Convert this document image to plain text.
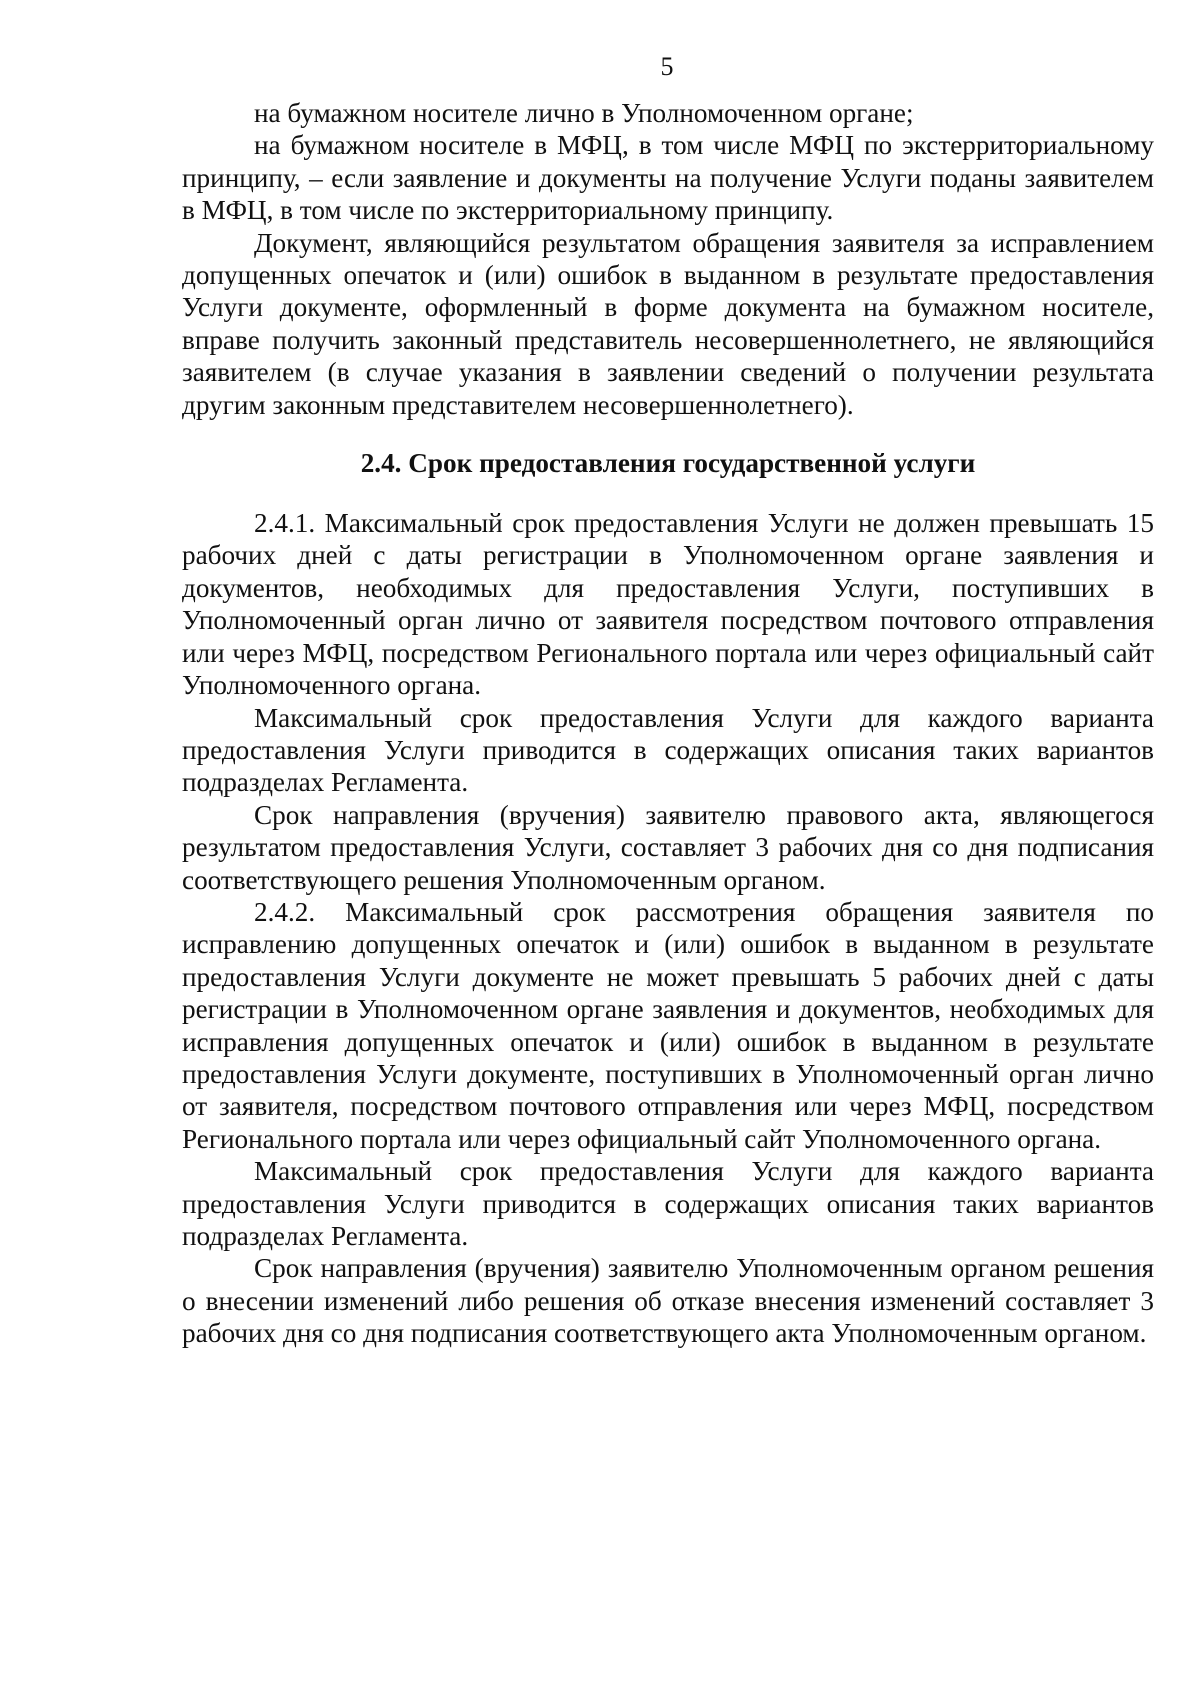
5

на бумажном носителе лично в Уполномоченном органе;

на бумажном носителе в МФЦ, в том числе МФЦ по экстерриториальному принципу, – если заявление и документы на получение Услуги поданы заявителем в МФЦ, в том числе по экстерриториальному принципу.

Документ, являющийся результатом обращения заявителя за исправлением допущенных опечаток и (или) ошибок в выданном в результате предоставления Услуги документе, оформленный в форме документа на бумажном носителе, вправе получить законный представитель несовершеннолетнего, не являющийся заявителем (в случае указания в заявлении сведений о получении результата другим законным представителем несовершеннолетнего).

2.4. Срок предоставления государственной услуги

2.4.1. Максимальный срок предоставления Услуги не должен превышать 15 рабочих дней с даты регистрации в Уполномоченном органе заявления и документов, необходимых для предоставления Услуги, поступивших в Уполномоченный орган лично от заявителя посредством почтового отправления или через МФЦ, посредством Регионального портала или через официальный сайт Уполномоченного органа.

Максимальный срок предоставления Услуги для каждого варианта предоставления Услуги приводится в содержащих описания таких вариантов подразделах Регламента.

Срок направления (вручения) заявителю правового акта, являющегося результатом предоставления Услуги, составляет 3 рабочих дня со дня подписания соответствующего решения Уполномоченным органом.

2.4.2. Максимальный срок рассмотрения обращения заявителя по исправлению допущенных опечаток и (или) ошибок в выданном в результате предоставления Услуги документе не может превышать 5 рабочих дней с даты регистрации в Уполномоченном органе заявления и документов, необходимых для исправления допущенных опечаток и (или) ошибок в выданном в результате предоставления Услуги документе, поступивших в Уполномоченный орган лично от заявителя, посредством почтового отправления или через МФЦ, посредством Регионального портала или через официальный сайт Уполномоченного органа.

Максимальный срок предоставления Услуги для каждого варианта предоставления Услуги приводится в содержащих описания таких вариантов подразделах Регламента.

Срок направления (вручения) заявителю Уполномоченным органом решения о внесении изменений либо решения об отказе внесения изменений составляет 3 рабочих дня со дня подписания соответствующего акта Уполномоченным органом.
